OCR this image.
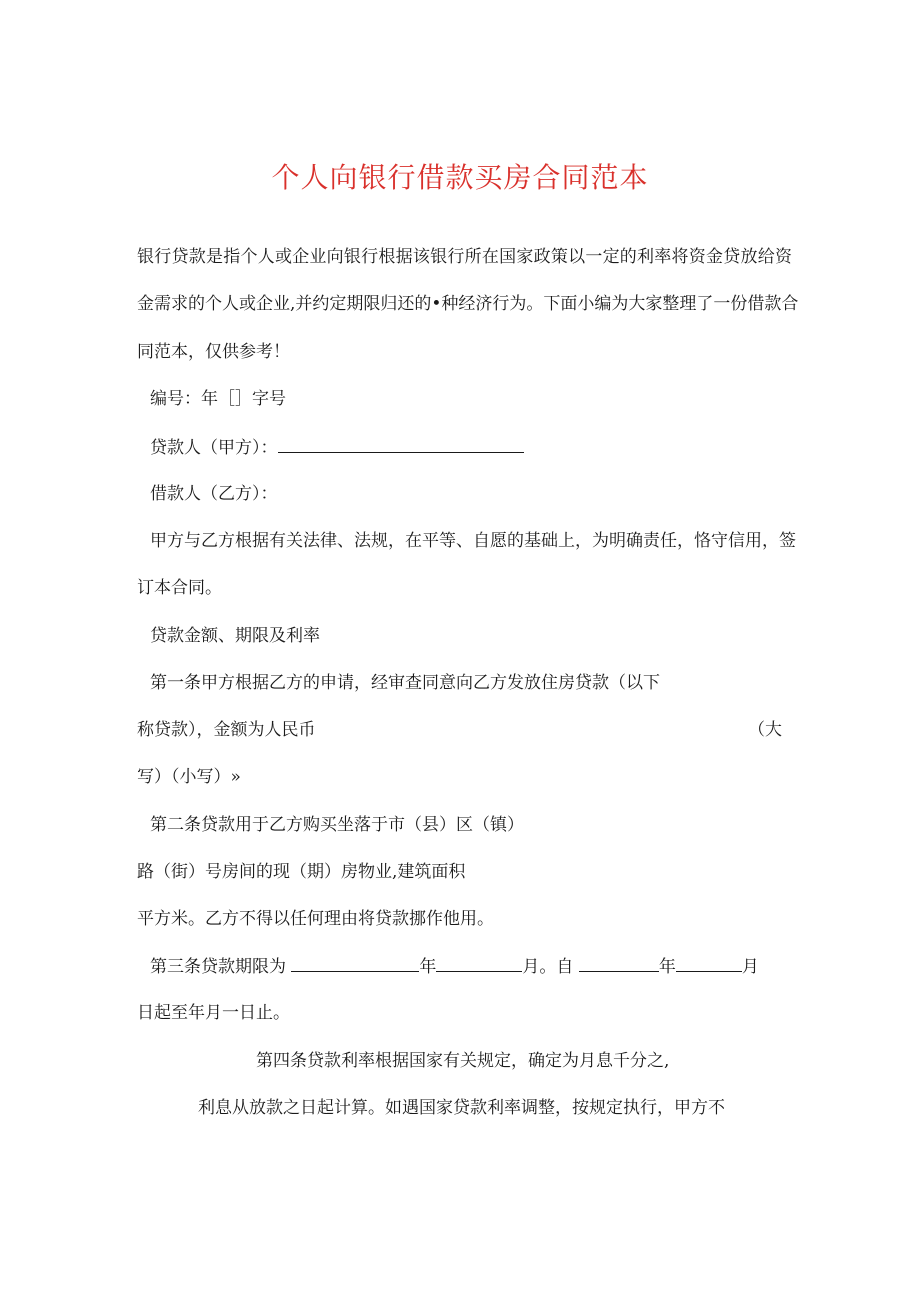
个人向银行借款买房合同范本
银行贷款是指个人或企业向银行根据该银行所在国家政策以一定的利率将资金贷放给资
金需求的个人或企业,并约定期限归还的•种经济行为。下面小编为大家整理了一份借款合
同范本，仅供参考！
编号：年［］字号
贷款人（甲方）：
借款人（乙方）：
甲方与乙方根据有关法律、法规，在平等、自愿的基础上，为明确责任，恪守信用，签
订本合同。
贷款金额、期限及利率
第一条甲方根据乙方的申请，经审查同意向乙方发放住房贷款（以下
称贷款），金额为人民币	（大
写）（小写）»
第二条贷款用于乙方购买坐落于市（县）区（镇）
路（街）号房间的现（期）房物业,建筑面积
平方米。乙方不得以任何理由将贷款挪作他用。
第三条贷款期限为	年	月。自	年	月
日起至年月一日止。
第四条贷款利率根据国家有关规定，确定为月息千分之,
利息从放款之日起计算。如遇国家贷款利率调整，按规定执行，甲方不
